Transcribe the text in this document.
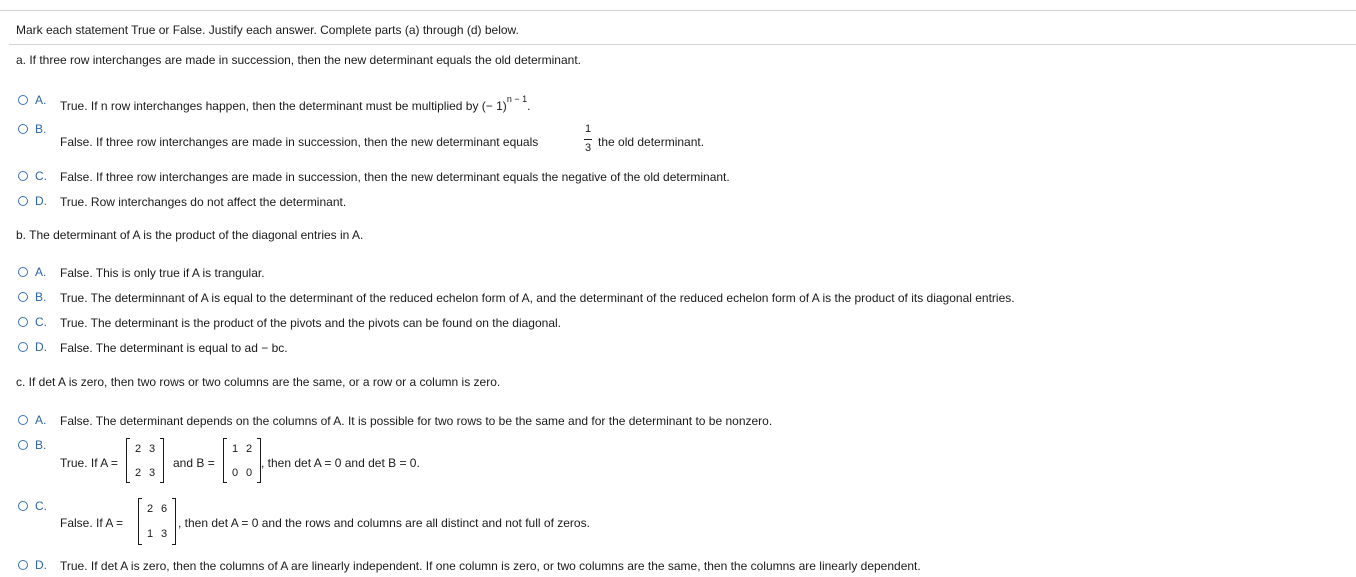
Mark each statement True or False. Justify each answer. Complete parts (a) through (d) below.
a. If three row interchanges are made in succession, then the new determinant equals the old determinant.
A. True. If n row interchanges happen, then the determinant must be multiplied by (− 1)$^{n - 1}$.
B.
False. If three row interchanges are made in succession, then the new determinant equals
1
3 the old determinant.
C. False. If three row interchanges are made in succession, then the new determinant equals the negative of the old determinant.
D. True. Row interchanges do not affect the determinant.
b. The determinant of A is the product of the diagonal entries in A.
A. False. This is only true if A is trangular.
B. True. The determinnant of A is equal to the determinant of the reduced echelon form of A, and the determinant of the reduced echelon form of A is the product of its diagonal entries.
C. True. The determinant is the product of the pivots and the pivots can be found on the diagonal.
D. False. The determinant is equal to ad − bc.
c. If det A is zero, then two rows or two columns are the same, or a row or a column is zero.
A. False. The determinant depends on the columns of A. It is possible for two rows to be the same and for the determinant to be nonzero.
B.
True. If A =
2 3
2 3
and B =
1 2
0 0
, then det A = 0 and det B = 0.
C.
False. If A =
2 6
1 3
, then det A = 0 and the rows and columns are all distinct and not full of zeros.
D. True. If det A is zero, then the columns of A are linearly independent. If one column is zero, or two columns are the same, then the columns are linearly dependent.
